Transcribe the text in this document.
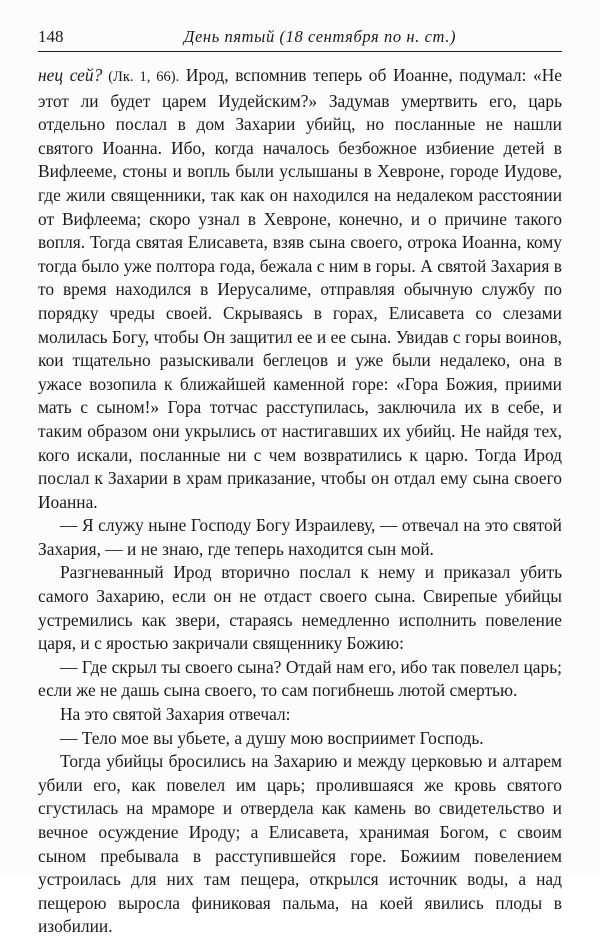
148	День пятый (18 сентября по н. ст.)

нец сей? (Лк. 1, 66). Ирод, вспомнив теперь об Иоанне, подумал: «Не этот ли будет царем Иудейским?» Задумав умертвить его, царь отдельно послал в дом Захарии убийц, но посланные не нашли святого Иоанна. Ибо, когда началось безбожное избиение детей в Вифлееме, стоны и вопль были услышаны в Хевроне, городе Иудове, где жили священники, так как он находился на недалеком расстоянии от Вифлеема; скоро узнал в Хевроне, конечно, и о причине такого вопля. Тогда святая Елисавета, взяв сына своего, отрока Иоанна, кому тогда было уже полтора года, бежала с ним в горы. А святой Захария в то время находился в Иерусалиме, отправляя обычную службу по порядку чреды своей. Скрываясь в горах, Елисавета со слезами молилась Богу, чтобы Он защитил ее и ее сына. Увидав с горы воинов, кои тщательно разыскивали беглецов и уже были недалеко, она в ужасе возопила к ближайшей каменной горе: «Гора Божия, приими мать с сыном!» Гора тотчас расступилась, заключила их в себе, и таким образом они укрылись от настигавших их убийц. Не найдя тех, кого искали, посланные ни с чем возвратились к царю. Тогда Ирод послал к Захарии в храм приказание, чтобы он отдал ему сына своего Иоанна.

— Я служу ныне Господу Богу Израилеву, — отвечал на это святой Захария, — и не знаю, где теперь находится сын мой.

Разгневанный Ирод вторично послал к нему и приказал убить самого Захарию, если он не отдаст своего сына. Свирепые убийцы устремились как звери, стараясь немедленно исполнить повеление царя, и с яростью закричали священнику Божию:

— Где скрыл ты своего сына? Отдай нам его, ибо так повелел царь; если же не дашь сына своего, то сам погибнешь лютой смертью.

На это святой Захария отвечал:

— Тело мое вы убьете, а душу мою восприимет Господь.

Тогда убийцы бросились на Захарию и между церковью и алтарем убили его, как повелел им царь; пролившаяся же кровь святого сгустилась на мраморе и отвердела как камень во свидетельство и вечное осуждение Ироду; а Елисавета, хранимая Богом, с своим сыном пребывала в расступившейся горе. Божиим повелением устроилась для них там пещера, открылся источник воды, а над пещерою выросла финиковая пальма, на коей явились плоды в изобилии.
